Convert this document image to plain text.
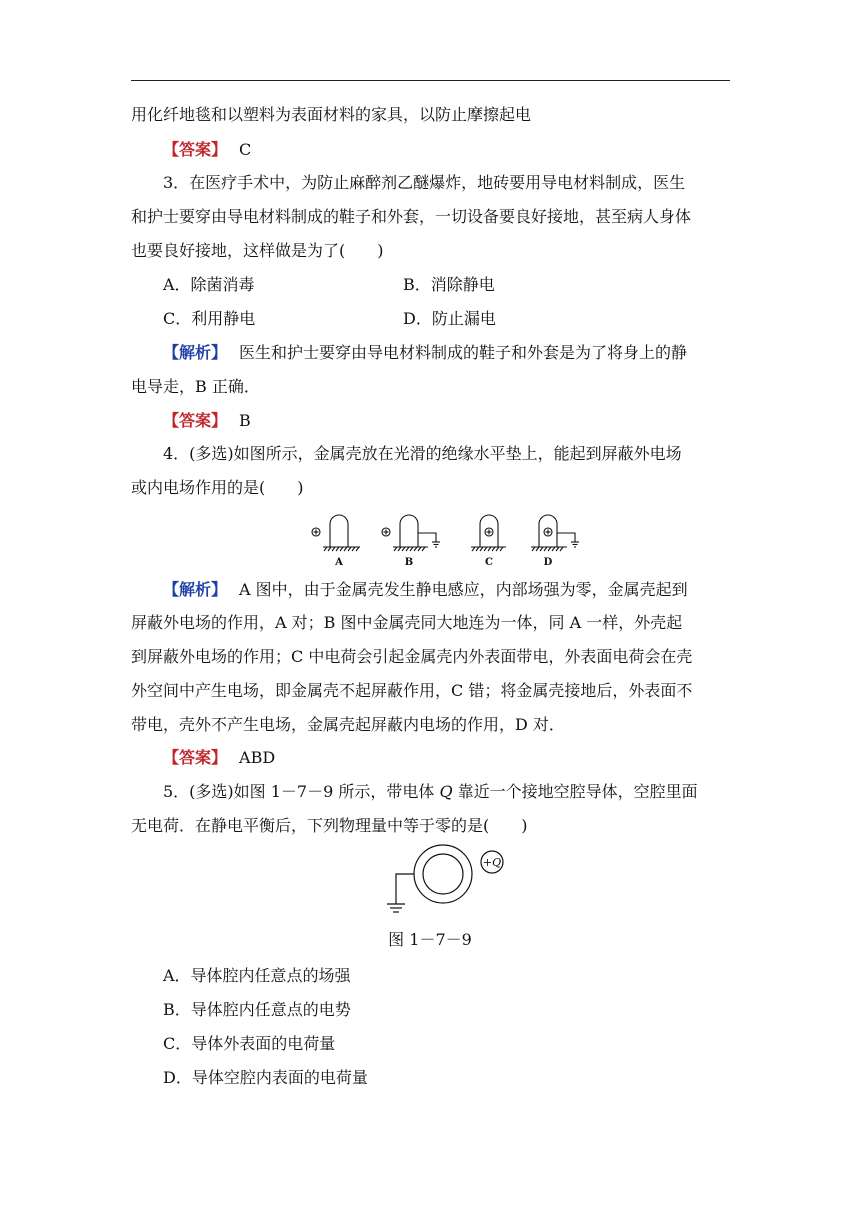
用化纤地毯和以塑料为表面材料的家具，以防止摩擦起电
【答案】 C
3．在医疗手术中，为防止麻醉剂乙醚爆炸，地砖要用导电材料制成，医生
和护士要穿由导电材料制成的鞋子和外套，一切设备要良好接地，甚至病人身体
也要良好接地，这样做是为了(　　)
A．除菌消毒	B．消除静电
C．利用静电	D．防止漏电
【解析】 医生和护士要穿由导电材料制成的鞋子和外套是为了将身上的静
电导走，B 正确．
【答案】 B
4．(多选)如图所示，金属壳放在光滑的绝缘水平垫上，能起到屏蔽外电场
或内电场作用的是(　　)
A	B	C	D
【解析】 A 图中，由于金属壳发生静电感应，内部场强为零，金属壳起到
屏蔽外电场的作用，A 对；B 图中金属壳同大地连为一体，同 A 一样，外壳起
到屏蔽外电场的作用；C 中电荷会引起金属壳内外表面带电，外表面电荷会在壳
外空间中产生电场，即金属壳不起屏蔽作用，C 错；将金属壳接地后，外表面不
带电，壳外不产生电场，金属壳起屏蔽内电场的作用，D 对．
【答案】 ABD
5．(多选)如图 1－7－9 所示，带电体 Q 靠近一个接地空腔导体，空腔里面
无电荷．在静电平衡后，下列物理量中等于零的是(　　)
+Q
图 1－7－9
A．导体腔内任意点的场强
B．导体腔内任意点的电势
C．导体外表面的电荷量
D．导体空腔内表面的电荷量
